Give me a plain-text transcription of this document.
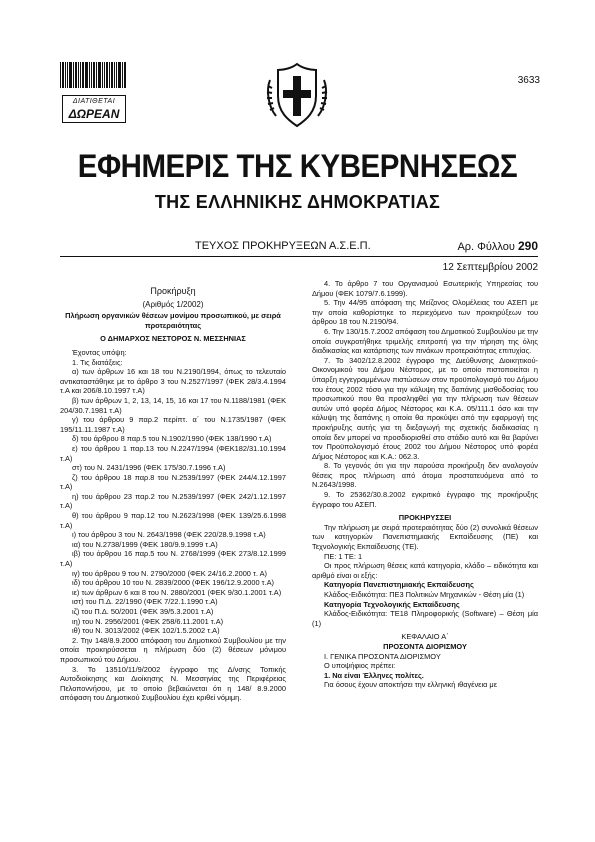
ΔΙΑΤΙΘΕΤΑΙ
ΔΩΡΕΑΝ
3633
ΕΦΗΜΕΡΙΣ ΤΗΣ ΚΥΒΕΡΝΗΣΕΩΣ
ΤΗΣ ΕΛΛΗΝΙΚΗΣ ΔΗΜΟΚΡΑΤΙΑΣ
ΤΕΥΧΟΣ ΠΡΟΚΗΡΥΞΕΩΝ Α.Σ.Ε.Π.	Αρ. Φύλλου 290
12 Σεπτεμβρίου 2002
Προκήρυξη
(Αριθμός 1/2002)

Πλήρωση οργανικών θέσεων μονίμου προσωπικού, με σειρά προτεραιότητας

Ο ΔΗΜΑΡΧΟΣ ΝΕΣΤΟΡΟΣ Ν. ΜΕΣΣΗΝΙΑΣ

Έχοντας υπόψη:

1. Τις διατάξεις:

α) των άρθρων 16 και 18 του Ν.2190/1994, όπως το τελευταίο αντικαταστάθηκε με το άρθρο 3 του Ν.2527/1997 (ΦΕΚ 28/3.4.1994 τ.Α και 206/8.10.1997 τ.Α)

β) των άρθρων 1, 2, 13, 14, 15, 16 και 17 του Ν.1188/1981 (ΦΕΚ 204/30.7.1981 τ.Α)

γ) του άρθρου 9 παρ.2 περίπτ. α΄ του Ν.1735/1987 (ΦΕΚ 195/11.11.1987 τ.Α)

δ) του άρθρου 8 παρ.5 του Ν.1902/1990 (ΦΕΚ 138/1990 τ.Α)

ε) του άρθρου 1 παρ.13 του Ν.2247/1994 (ΦΕΚ182/31.10.1994 τ.Α)

στ) του Ν. 2431/1996 (ΦΕΚ 175/30.7.1996 τ.Α)

ζ) του άρθρου 18 παρ.8 του Ν.2539/1997 (ΦΕΚ 244/4.12.1997 τ.Α)

η) του άρθρου 23 παρ.2 του Ν.2539/1997 (ΦΕΚ 242/1.12.1997 τ.Α)

θ) του άρθρου 9 παρ.12 του Ν.2623/1998 (ΦΕΚ 139/25.6.1998 τ.Α)

ι) του άρθρου 3 του Ν. 2643/1998 (ΦΕΚ 220/28.9.1998 τ.Α)

ια) του Ν.2738/1999 (ΦΕΚ 180/9.9.1999 τ.Α)

ιβ) του άρθρου 16 παρ.5 του Ν. 2768/1999 (ΦΕΚ 273/8.12.1999 τ.Α)

ιγ) του άρθρου 9 του Ν. 2790/2000 (ΦΕΚ 24/16.2.2000 τ. Α)

ιδ) του άρθρου 10 του Ν. 2839/2000 (ΦΕΚ 196/12.9.2000 τ.Α)

ιε) των άρθρων 6 και 8 του Ν. 2880/2001 (ΦΕΚ 9/30.1.2001 τ.Α)

ιστ) του Π.Δ. 22/1990 (ΦΕΚ 7/22.1.1990 τ.Α)

ιζ) του Π.Δ. 50/2001 (ΦΕΚ 39/5.3.2001 τ.Α)

ιη) του Ν. 2956/2001 (ΦΕΚ 258/6.11.2001 τ.Α)

ιθ) του Ν. 3013/2002 (ΦΕΚ 102/1.5.2002 τ.Α)

2. Την 148/8.9.2000 απόφαση του Δημοτικού Συμβουλίου με την οποία προκηρύσσεται η πλήρωση δύο (2) θέσεων μόνιμου προσωπικού του Δήμου.

3. Το 13510/11/9/2002 έγγραφο της Δ/νσης Τοπικής Αυτοδιοίκησης και Διοίκησης Ν. Μεσσηνίας της Περιφέρειας Πελοποννήσου, με το οποίο βεβαιώνεται ότι η 148/ 8.9.2000 απόφαση του Δημοτικού Συμβουλίου έχει κριθεί νόμιμη.

4. Το άρθρο 7 του Οργανισμού Εσωτερικής Υπηρεσίας του Δήμου (ΦΕΚ 1079/7.6.1999).

5. Την 44/95 απόφαση της Μείζονος Ολομέλειας του ΑΣΕΠ με την οποία καθορίστηκε το περιεχόμενο των προκηρύξεων του άρθρου 18 του Ν.2190/94.

6. Την 130/15.7.2002 απόφαση του Δημοτικού Συμβουλίου με την οποία συγκροτήθηκε τριμελής επιτροπή για την τήρηση της όλης διαδικασίας και κατάρτισης των πινάκων προτεραιότητας επιτυχίας.

7. Το 3402/12.8.2002 έγγραφο της Διεύθυνσης Διοικητικού-Οικονομικού του Δήμου Νέστορος, με το οποίο πιστοποιείται η ύπαρξη εγγεγραμμένων πιστώσεων στον προϋπολογισμό του Δήμου του έτους 2002 τόσο για την κάλυψη της δαπάνης μισθοδοσίας του προσωπικού που θα προσληφθεί για την πλήρωση των θέσεων αυτών υπό φορέα Δήμος Νέστορος και Κ.Α. 05/111.1 όσο και την κάλυψη της δαπάνης η οποία θα προκύψει από την εφαρμογή της προκήρυξης αυτής για τη διεξαγωγή της σχετικής διαδικασίας η οποία δεν μπορεί να προσδιορισθεί στο στάδιο αυτό και θα βαρύνει τον Προϋπολογισμό έτους 2002 του Δήμου Νέστορος υπό φορέα Δήμος Νέστορος και Κ.Α.: 062.3.

8. Το γεγονός ότι για την παρούσα προκήρυξη δεν αναλογούν θέσεις προς πλήρωση από άτομα προστατευόμενα από το Ν.2643/1998.

9. Το 25362/30.8.2002 εγκριτικό έγγραφο της προκήρυξης έγγραφο του ΑΣΕΠ.

ΠΡΟΚΗΡΥΣΣΕΙ

Την πλήρωση με σειρά προτεραιότητας δύο (2) συνολικά θέσεων των κατηγοριών Πανεπιστημιακής Εκπαίδευσης (ΠΕ) και Τεχνολογικής Εκπαίδευσης (ΤΕ).

ΠΕ: 1 ΤΕ: 1

Οι προς πλήρωση θέσεις κατά κατηγορία, κλάδο – ειδικότητα και αριθμό είναι οι εξής:

Κατηγορία Πανεπιστημιακής Εκπαίδευσης

Κλάδος-Ειδικότητα: ΠΕ3 Πολιτικών Μηχανικών - Θέση μία (1)

Κατηγορία Τεχνολογικής Εκπαίδευσης

Κλάδος-Ειδικότητα: ΤΕ18 Πληροφορικής (Software) – Θέση μία (1)

ΚΕΦΑΛΑΙΟ Α΄

ΠΡΟΣΟΝΤΑ ΔΙΟΡΙΣΜΟΥ

Ι. ΓΕΝΙΚΑ ΠΡΟΣΟΝΤΑ ΔΙΟΡΙΣΜΟΥ

Ο υποψήφιος πρέπει:

1. Να είναι Έλληνες πολίτες.

Για όσους έχουν αποκτήσει την ελληνική ιθαγένεια με
